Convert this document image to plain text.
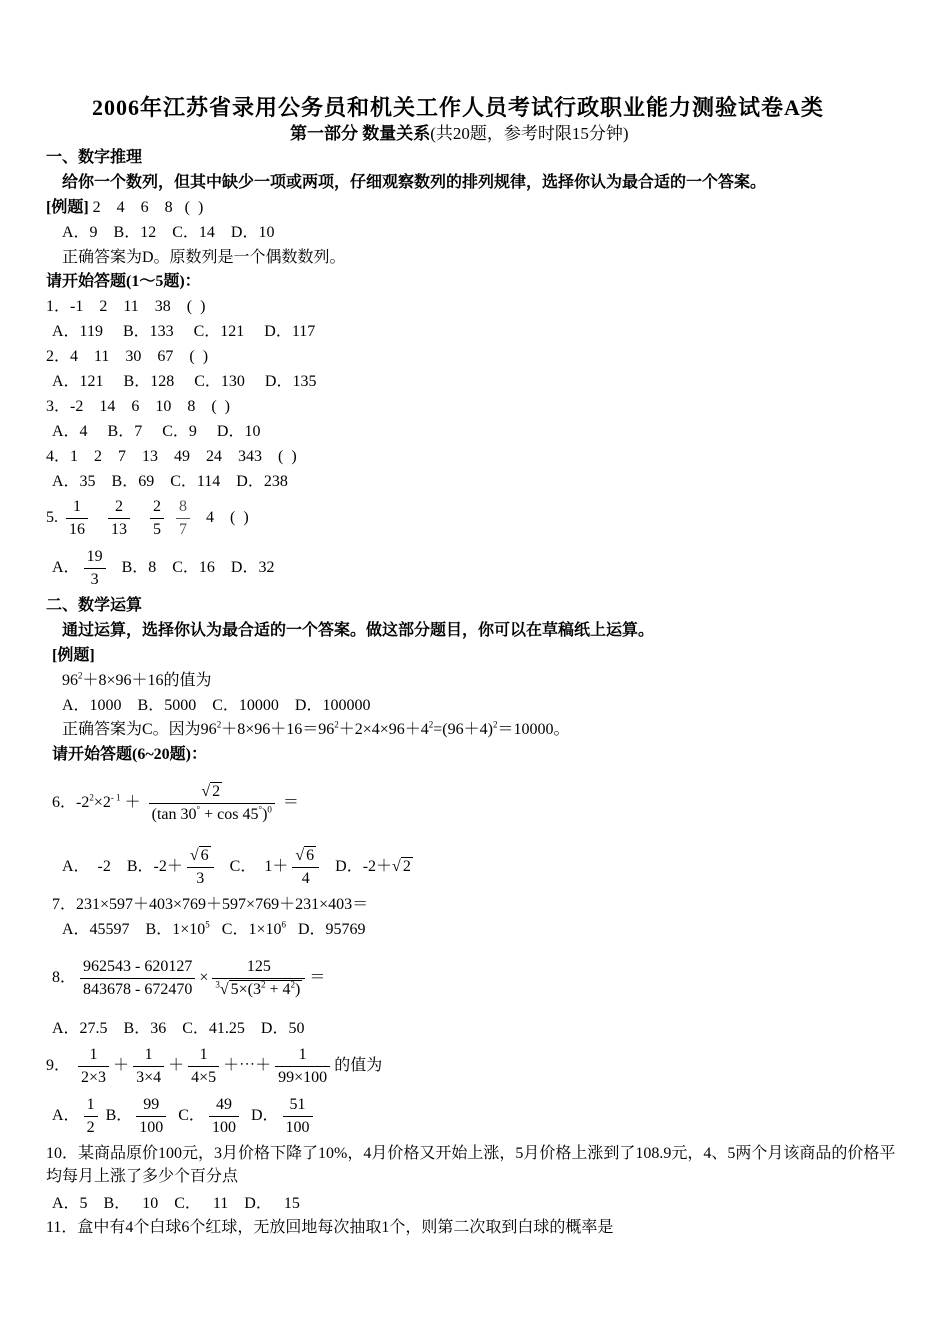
2006年江苏省录用公务员和机关工作人员考试行政职业能力测验试卷A类
第一部分 数量关系(共20题，参考时限15分钟)
一、数字推理
给你一个数列，但其中缺少一项或两项，仔细观察数列的排列规律，选择你认为最合适的一个答案。
[例题] 2    4    6    8   (  )
A．9    B．12    C．14    D．10
正确答案为D。原数列是一个偶数数列。
请开始答题(1～5题)：
1．-1    2    11    38    (  )
A．119     B．133     C．121     D．117
2．4    11    30    67    (  )
A．121     B．128     C．130     D．135
3．-2    14    6    10    8    (  )
A．4     B．7     C．9     D．10
4．1    2    7    13    49    24    343    (  )
A．35    B．69    C．114    D．238
5. $\frac{1}{16}$
$\frac{2}{13}$
$\frac{2}{5}$
$\frac{8}{7} 4$    (  )
A． $\frac{19}{3}$ B．8    C．16    D．32
二、数学运算
通过运算，选择你认为最合适的一个答案。做这部分题目，你可以在草稿纸上运算。
[例题]
$96^2+8\times 96+16$的值为
A．1000    B．5000    C．10000    D．100000
正确答案为C。因为$96^2+8\times 96+16=96^2+2\times 4\times 96+4^2=(96+4)^2=10000$。
请开始答题(6~20题)：
6．$-2^2\times 2^{- 1} + \frac{√ 2}{(\tan 30^\circ + \cos 45^\circ)^0}$ ＝
A．  -2    B．$-2+ \frac{√ 6}{3}$ C．  $1+ \frac{√ 6}{4}$ D．-2＋√ 2
7．231×597＋403×769＋597×769＋231×403＝
A．45597    B．$1\times 10^5$ C．$1\times 10^6$ D．95769
8． $\frac{962543 - 620127}{843678 - 672470} \times \frac{125}{^3√ 5\times(3^2 + 4^2)}$ ＝
A．27.5    B．36    C．41.25    D．50
9． $\frac{1}{2\times 3} + \frac{1}{3\times 4} + \frac{1}{4\times 5}$ ＋⋯＋ $\frac{1}{99\times 100}$ 的值为
A． $\frac{1}{2}$ B． $\frac{99}{100}$ C． $\frac{49}{100}$ D． $\frac{51}{100}$
10．某商品原价100元，3月价格下降了10%，4月价格又开始上涨，5月价格上涨到了108.9元，4、5两个月该商品的价格平均每月上涨了多少个百分点
A．5    B．   10    C．   11    D．   15
11．盒中有4个白球6个红球，无放回地每次抽取1个，则第二次取到白球的概率是
